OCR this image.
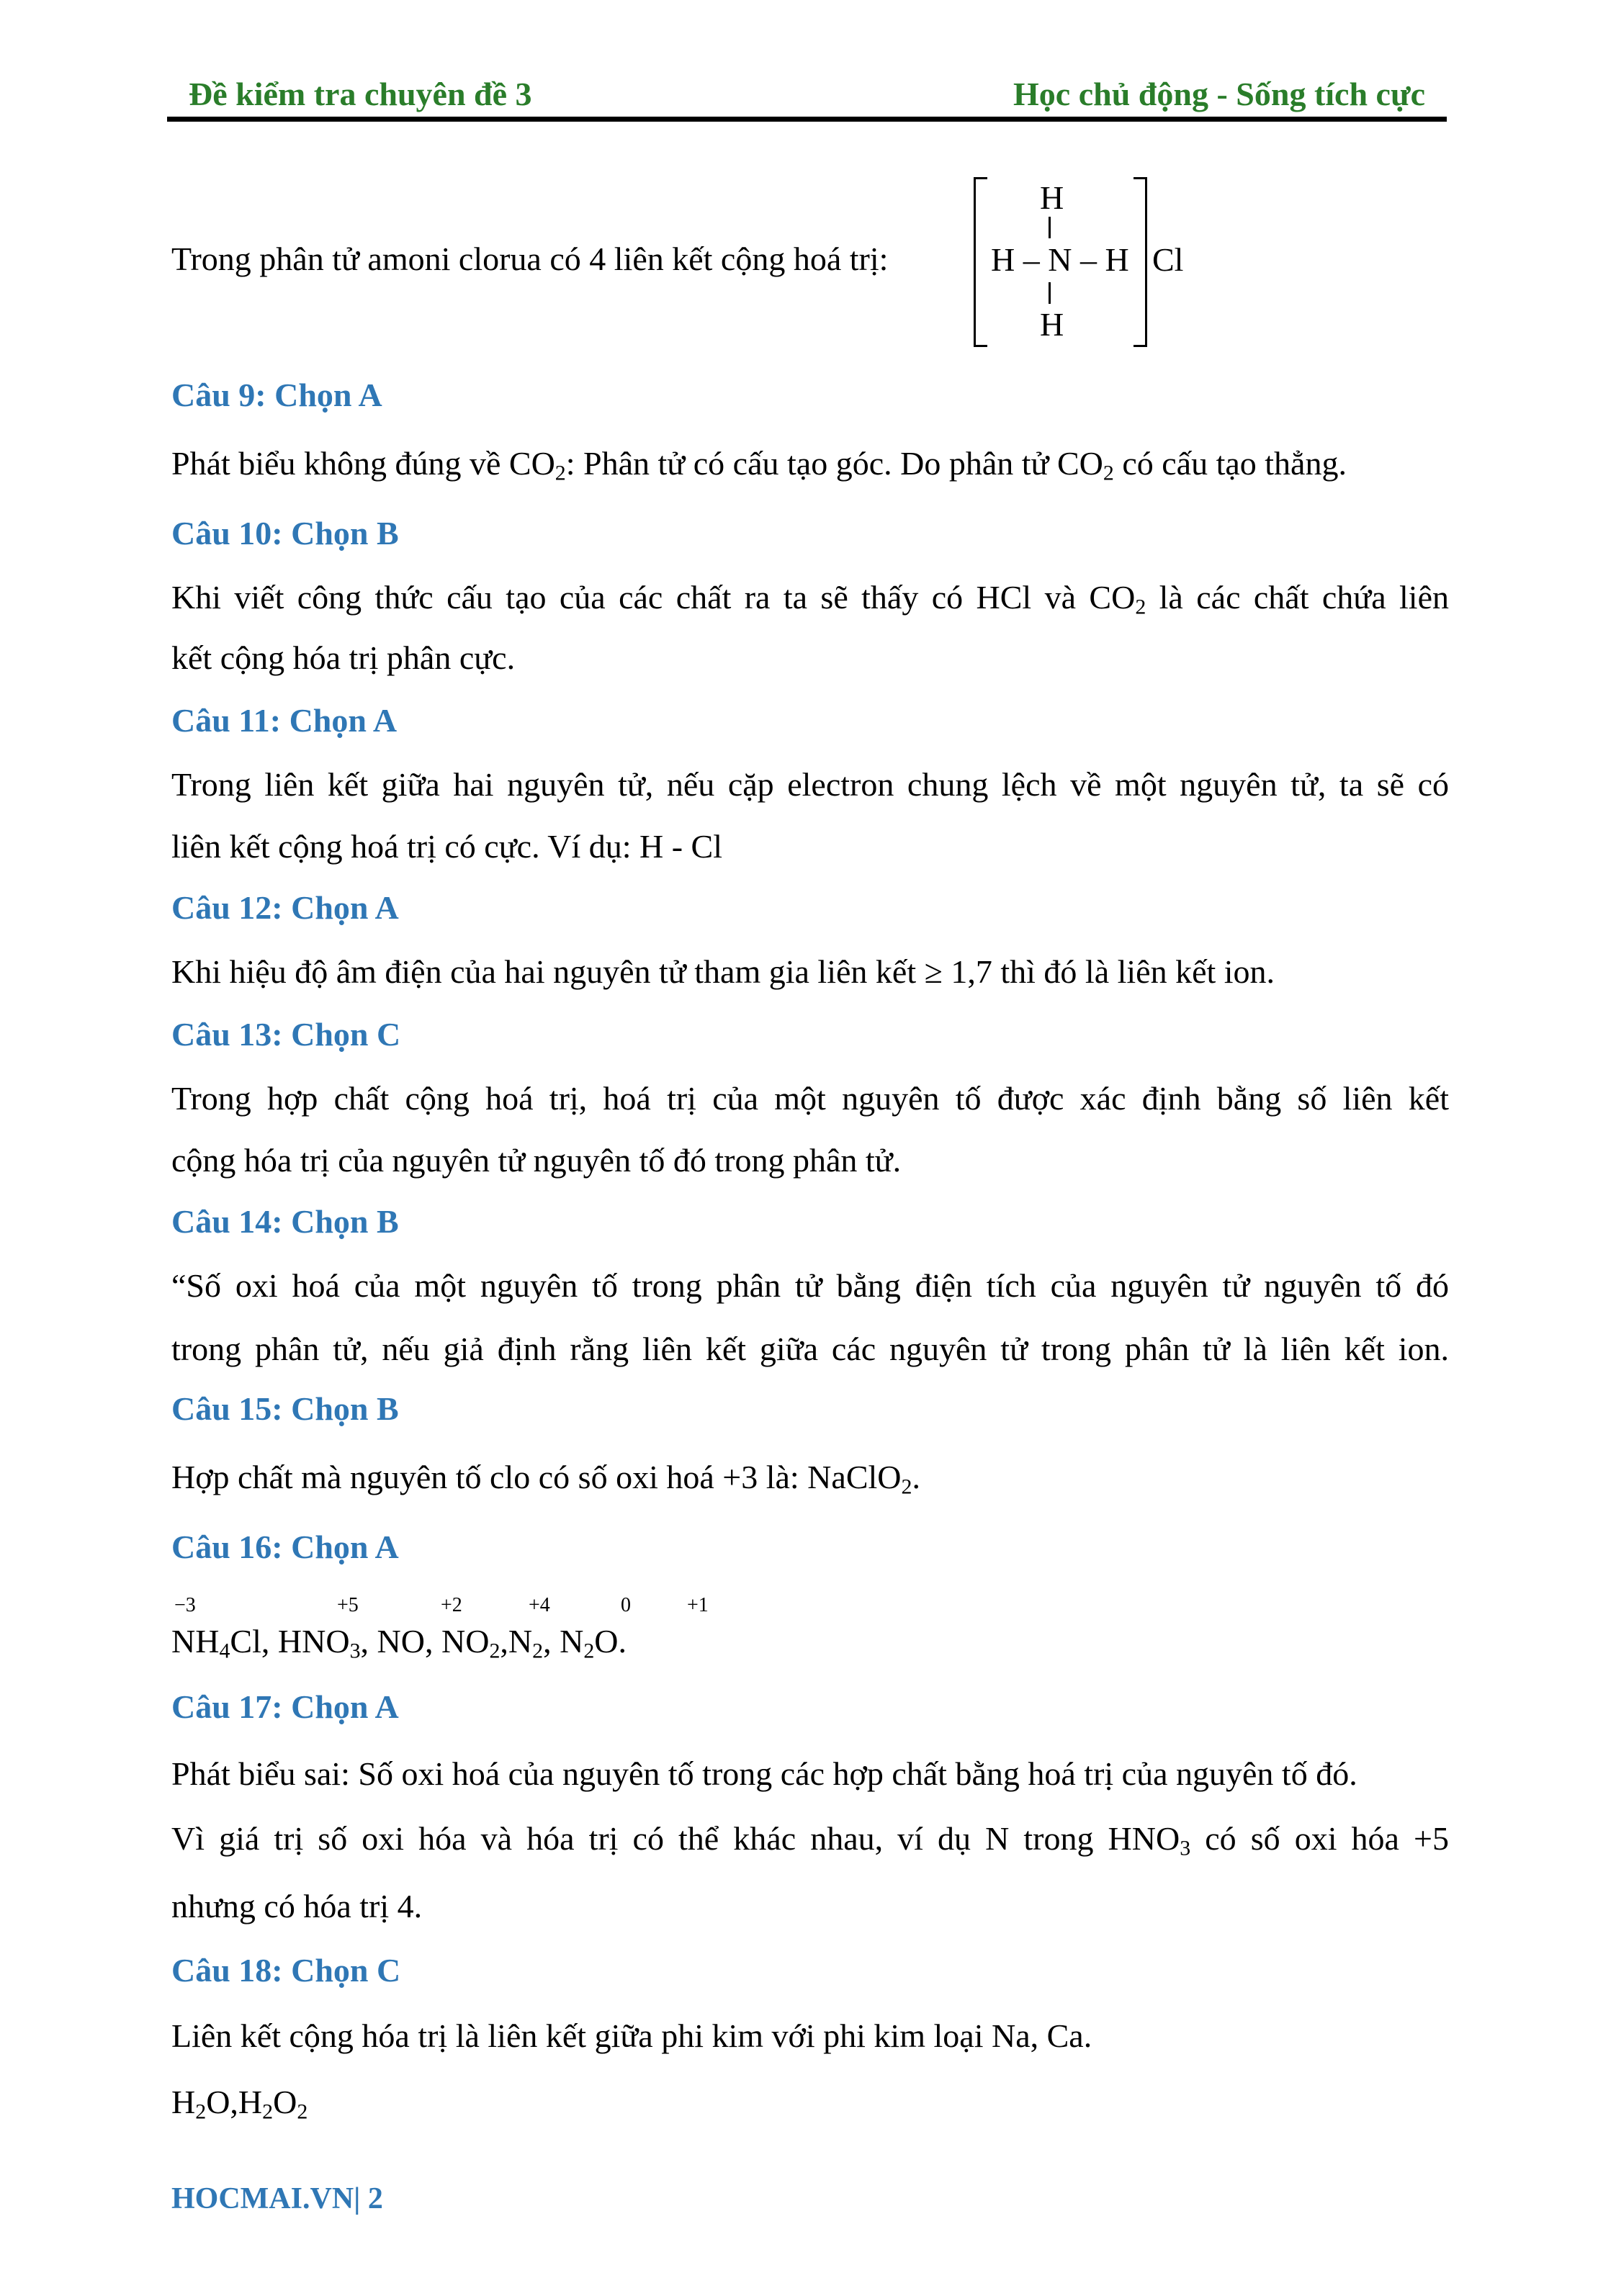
Đề kiểm tra chuyên đề 3	Học chủ động - Sống tích cực
Trong phân tử amoni clorua có 4 liên kết cộng hoá trị:
H
H – N – H
H
Cl
Câu 9: Chọn A
Phát biểu không đúng về $CO_2$: Phân tử có cấu tạo góc. Do phân tử $CO_2$ có cấu tạo thẳng.
Câu 10: Chọn B
Khi viết công thức cấu tạo của các chất ra ta sẽ thấy có HCl và $CO_2$ là các chất chứa liên
kết cộng hóa trị phân cực.
Câu 11: Chọn A
Trong liên kết giữa hai nguyên tử, nếu cặp electron chung lệch về một nguyên tử, ta sẽ có
liên kết cộng hoá trị có cực. Ví dụ: H - Cl
Câu 12: Chọn A
Khi hiệu độ âm điện của hai nguyên tử tham gia liên kết ≥ 1,7 thì đó là liên kết ion.
Câu 13: Chọn C
Trong hợp chất cộng hoá trị, hoá trị của một nguyên tố được xác định bằng số liên kết
cộng hóa trị của nguyên tử nguyên tố đó trong phân tử.
Câu 14: Chọn B
“Số oxi hoá của một nguyên tố trong phân tử bằng điện tích của nguyên tử nguyên tố đó
trong phân tử, nếu giả định rằng liên kết giữa các nguyên tử trong phân tử là liên kết ion.
Câu 15: Chọn B
Hợp chất mà nguyên tố clo có số oxi hoá +3 là: NaClO$_2$.
Câu 16: Chọn A
−3	+5	+2	+4	0	+1
$NH_4Cl$, $HNO_3$, NO, $NO_2,N_2$, $N_2O$.
Câu 17: Chọn A
Phát biểu sai: Số oxi hoá của nguyên tố trong các hợp chất bằng hoá trị của nguyên tố đó.
Vì giá trị số oxi hóa và hóa trị có thể khác nhau, ví dụ N trong $HNO_3$ có số oxi hóa +5
nhưng có hóa trị 4.
Câu 18: Chọn C
Liên kết cộng hóa trị là liên kết giữa phi kim với phi kim loại Na, Ca.
$H_2O,H_2O_2$
HOCMAI.VN| 2
